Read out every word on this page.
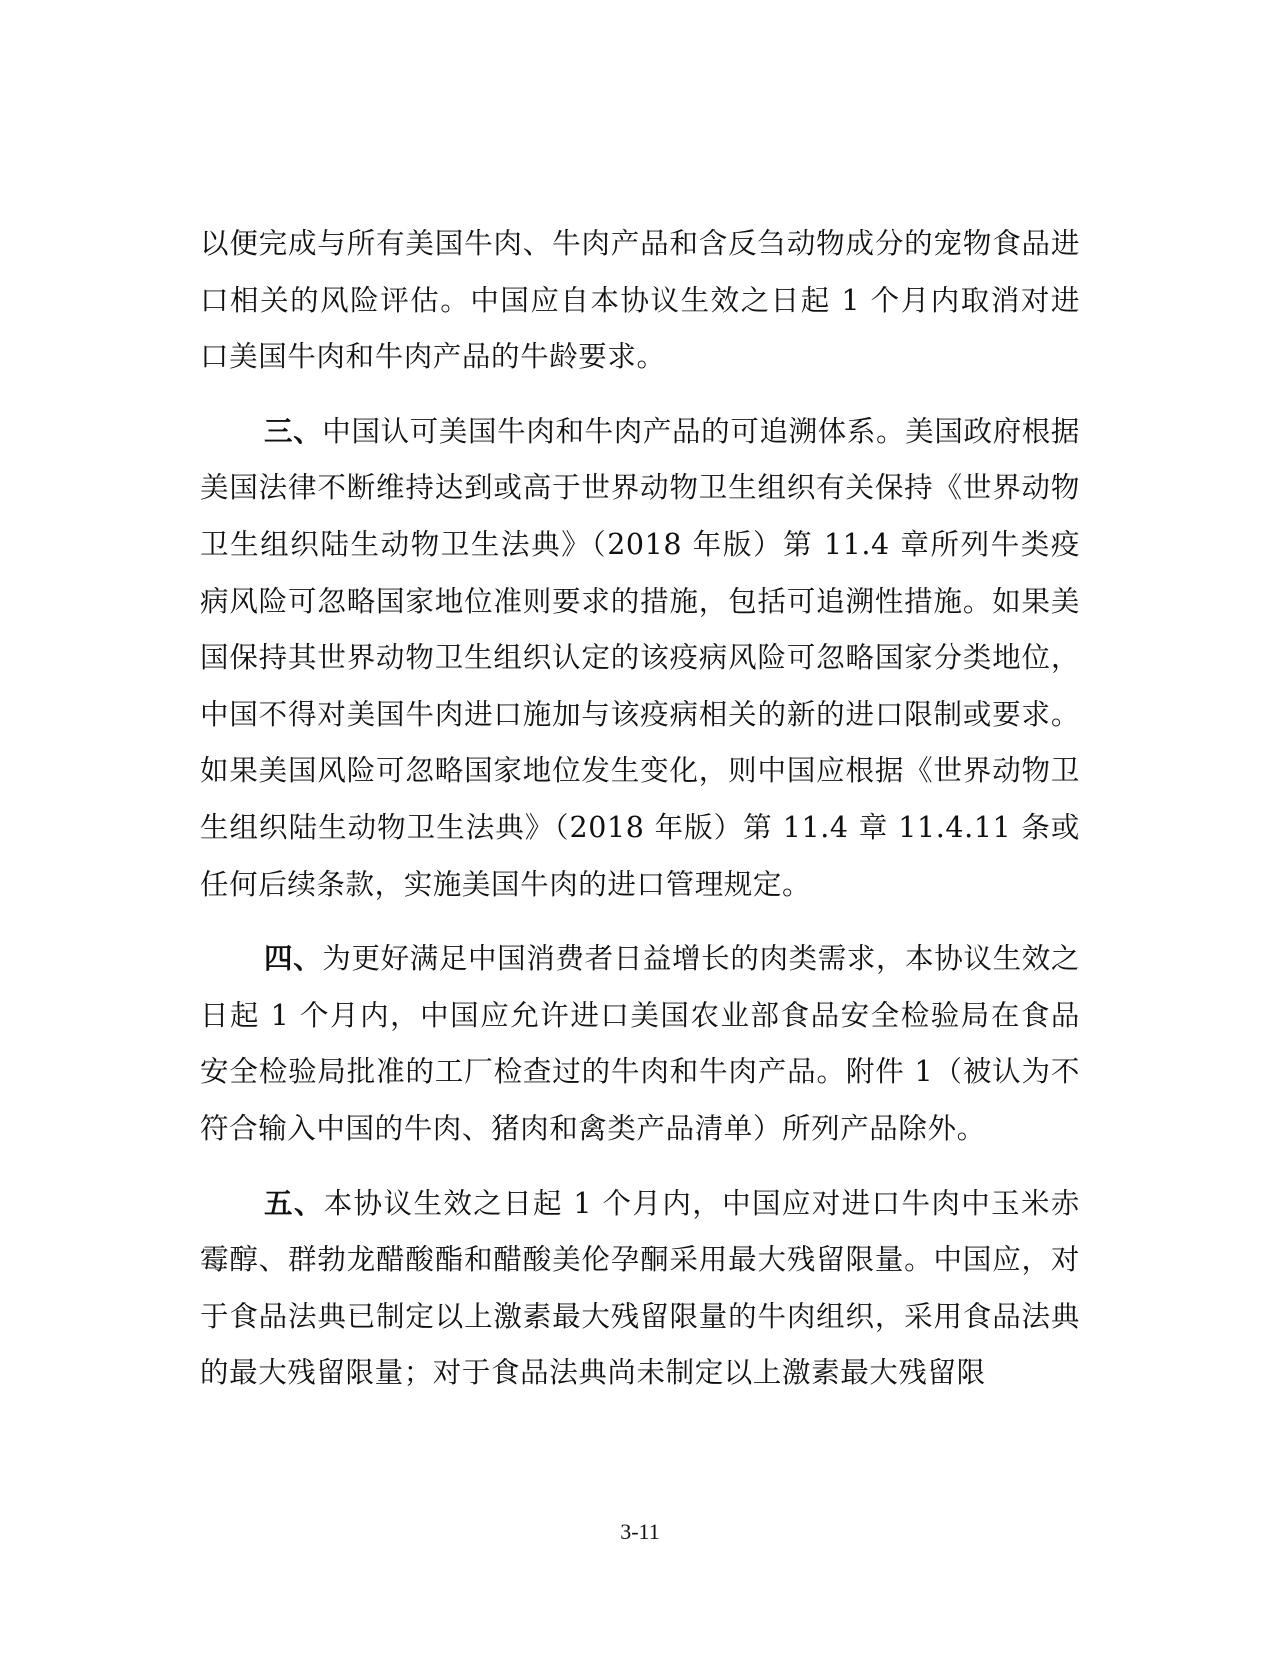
以便完成与所有美国牛肉、牛肉产品和含反刍动物成分的宠物食品进口相关的风险评估。中国应自本协议生效之日起 1 个月内取消对进口美国牛肉和牛肉产品的牛龄要求。

三、中国认可美国牛肉和牛肉产品的可追溯体系。美国政府根据美国法律不断维持达到或高于世界动物卫生组织有关保持《世界动物卫生组织陆生动物卫生法典》（2018 年版）第 11.4 章所列牛类疫病风险可忽略国家地位准则要求的措施，包括可追溯性措施。如果美国保持其世界动物卫生组织认定的该疫病风险可忽略国家分类地位，中国不得对美国牛肉进口施加与该疫病相关的新的进口限制或要求。如果美国风险可忽略国家地位发生变化，则中国应根据《世界动物卫生组织陆生动物卫生法典》（2018 年版）第 11.4 章 11.4.11 条或任何后续条款，实施美国牛肉的进口管理规定。

四、为更好满足中国消费者日益增长的肉类需求，本协议生效之日起 1 个月内，中国应允许进口美国农业部食品安全检验局在食品安全检验局批准的工厂检查过的牛肉和牛肉产品。附件 1（被认为不符合输入中国的牛肉、猪肉和禽类产品清单）所列产品除外。

五、本协议生效之日起 1 个月内，中国应对进口牛肉中玉米赤霉醇、群勃龙醋酸酯和醋酸美伦孕酮采用最大残留限量。中国应，对于食品法典已制定以上激素最大残留限量的牛肉组织，采用食品法典的最大残留限量；对于食品法典尚未制定以上激素最大残留限

3-11
